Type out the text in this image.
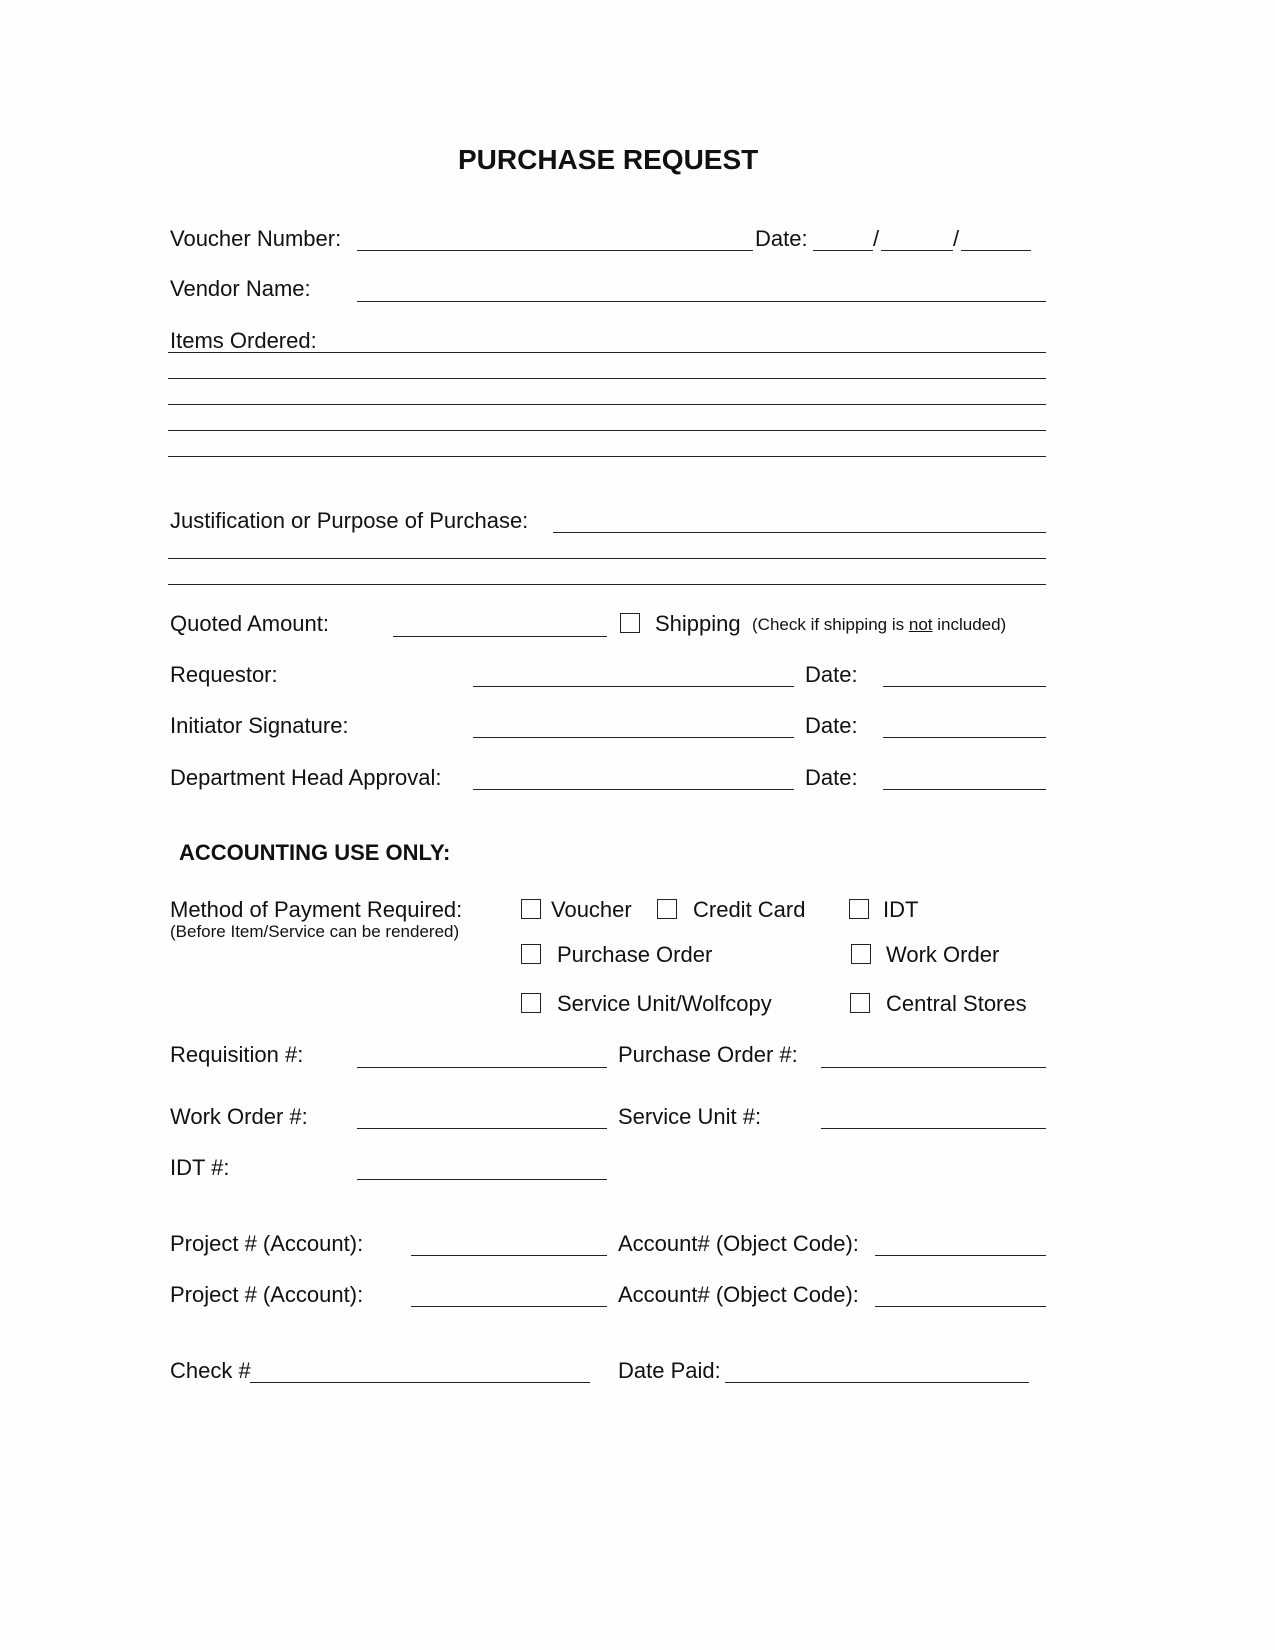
PURCHASE REQUEST
Voucher Number:	Date:	/	/
Vendor Name:
Items Ordered:
Justification or Purpose of Purchase:
Quoted Amount:	Shipping (Check if shipping is not included)
Requestor:	Date:
Initiator Signature:	Date:
Department Head Approval:	Date:
ACCOUNTING USE ONLY:
Method of Payment Required:
(Before Item/Service can be rendered)
Voucher	Credit Card	IDT
Purchase Order	Work Order
Service Unit/Wolfcopy	Central Stores
Requisition #:	Purchase Order #:
Work Order #:	Service Unit #:
IDT #:
Project # (Account):	Account# (Object Code):
Project # (Account):	Account# (Object Code):
Check #	Date Paid:
